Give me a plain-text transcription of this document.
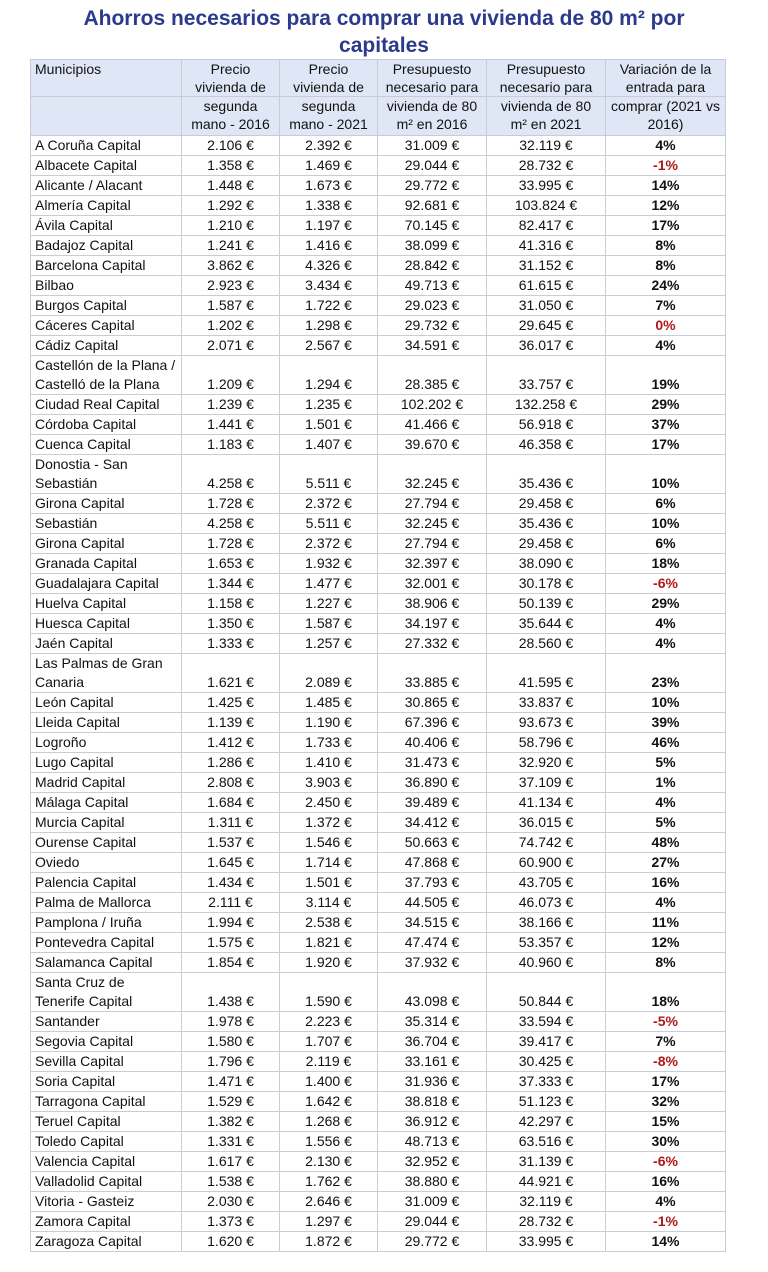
Ahorros necesarios para comprar una vivienda de 80 m² por capitales
Municipios	Precio vivienda de	Precio vivienda de	Presupuesto necesario para	Presupuesto necesario para	Variación de la entrada para
	segunda mano - 2016	segunda mano - 2021	vivienda de 80 m² en 2016	vivienda de 80 m² en 2021	comprar (2021 vs 2016)
A Coruña Capital	2.106 €	2.392 €	31.009 €	32.119 €	4%
Albacete Capital	1.358 €	1.469 €	29.044 €	28.732 €	-1%
Alicante / Alacant	1.448 €	1.673 €	29.772 €	33.995 €	14%
Almería Capital	1.292 €	1.338 €	92.681 €	103.824 €	12%
Ávila Capital	1.210 €	1.197 €	70.145 €	82.417 €	17%
Badajoz Capital	1.241 €	1.416 €	38.099 €	41.316 €	8%
Barcelona Capital	3.862 €	4.326 €	28.842 €	31.152 €	8%
Bilbao	2.923 €	3.434 €	49.713 €	61.615 €	24%
Burgos Capital	1.587 €	1.722 €	29.023 €	31.050 €	7%
Cáceres Capital	1.202 €	1.298 €	29.732 €	29.645 €	0%
Cádiz Capital	2.071 €	2.567 €	34.591 €	36.017 €	4%
Castellón de la Plana / Castelló de la Plana	1.209 €	1.294 €	28.385 €	33.757 €	19%
Ciudad Real Capital	1.239 €	1.235 €	102.202 €	132.258 €	29%
Córdoba Capital	1.441 €	1.501 €	41.466 €	56.918 €	37%
Cuenca Capital	1.183 €	1.407 €	39.670 €	46.358 €	17%
Donostia - San Sebastián	4.258 €	5.511 €	32.245 €	35.436 €	10%
Girona Capital	1.728 €	2.372 €	27.794 €	29.458 €	6%
Sebastián	4.258 €	5.511 €	32.245 €	35.436 €	10%
Girona Capital	1.728 €	2.372 €	27.794 €	29.458 €	6%
Granada Capital	1.653 €	1.932 €	32.397 €	38.090 €	18%
Guadalajara Capital	1.344 €	1.477 €	32.001 €	30.178 €	-6%
Huelva Capital	1.158 €	1.227 €	38.906 €	50.139 €	29%
Huesca Capital	1.350 €	1.587 €	34.197 €	35.644 €	4%
Jaén Capital	1.333 €	1.257 €	27.332 €	28.560 €	4%
Las Palmas de Gran Canaria	1.621 €	2.089 €	33.885 €	41.595 €	23%
León Capital	1.425 €	1.485 €	30.865 €	33.837 €	10%
Lleida Capital	1.139 €	1.190 €	67.396 €	93.673 €	39%
Logroño	1.412 €	1.733 €	40.406 €	58.796 €	46%
Lugo Capital	1.286 €	1.410 €	31.473 €	32.920 €	5%
Madrid Capital	2.808 €	3.903 €	36.890 €	37.109 €	1%
Málaga Capital	1.684 €	2.450 €	39.489 €	41.134 €	4%
Murcia Capital	1.311 €	1.372 €	34.412 €	36.015 €	5%
Ourense Capital	1.537 €	1.546 €	50.663 €	74.742 €	48%
Oviedo	1.645 €	1.714 €	47.868 €	60.900 €	27%
Palencia Capital	1.434 €	1.501 €	37.793 €	43.705 €	16%
Palma de Mallorca	2.111 €	3.114 €	44.505 €	46.073 €	4%
Pamplona / Iruña	1.994 €	2.538 €	34.515 €	38.166 €	11%
Pontevedra Capital	1.575 €	1.821 €	47.474 €	53.357 €	12%
Salamanca Capital	1.854 €	1.920 €	37.932 €	40.960 €	8%
Santa Cruz de Tenerife Capital	1.438 €	1.590 €	43.098 €	50.844 €	18%
Santander	1.978 €	2.223 €	35.314 €	33.594 €	-5%
Segovia Capital	1.580 €	1.707 €	36.704 €	39.417 €	7%
Sevilla Capital	1.796 €	2.119 €	33.161 €	30.425 €	-8%
Soria Capital	1.471 €	1.400 €	31.936 €	37.333 €	17%
Tarragona Capital	1.529 €	1.642 €	38.818 €	51.123 €	32%
Teruel Capital	1.382 €	1.268 €	36.912 €	42.297 €	15%
Toledo Capital	1.331 €	1.556 €	48.713 €	63.516 €	30%
Valencia Capital	1.617 €	2.130 €	32.952 €	31.139 €	-6%
Valladolid Capital	1.538 €	1.762 €	38.880 €	44.921 €	16%
Vitoria - Gasteiz	2.030 €	2.646 €	31.009 €	32.119 €	4%
Zamora Capital	1.373 €	1.297 €	29.044 €	28.732 €	-1%
Zaragoza Capital	1.620 €	1.872 €	29.772 €	33.995 €	14%
